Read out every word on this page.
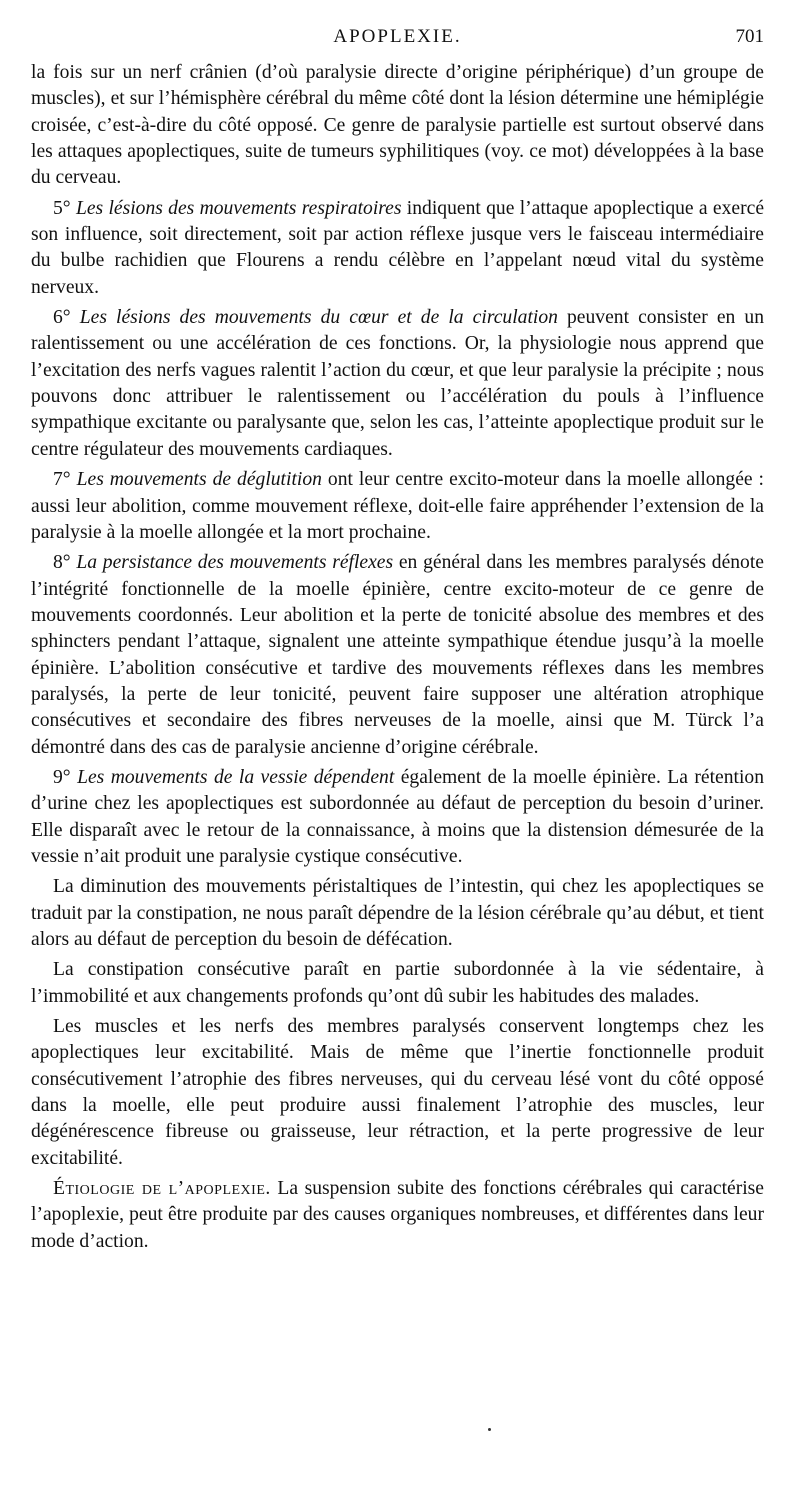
APOPLEXIE.	701

la fois sur un nerf crânien (d’où paralysie directe d’origine périphérique) d’un groupe de muscles), et sur l’hémisphère cérébral du même côté dont la lésion détermine une hémiplégie croisée, c’est-à-dire du côté opposé. Ce genre de paralysie partielle est surtout observé dans les attaques apoplectiques, suite de tumeurs syphilitiques (voy. ce mot) développées à la base du cerveau.

5° Les lésions des mouvements respiratoires indiquent que l’attaque apoplectique a exercé son influence, soit directement, soit par action réflexe jusque vers le faisceau intermédiaire du bulbe rachidien que Flourens a rendu célèbre en l’appelant nœud vital du système nerveux.

6° Les lésions des mouvements du cœur et de la circulation peuvent consister en un ralentissement ou une accélération de ces fonctions. Or, la physiologie nous apprend que l’excitation des nerfs vagues ralentit l’action du cœur, et que leur paralysie la précipite ; nous pouvons donc attribuer le ralentissement ou l’accélération du pouls à l’influence sympathique excitante ou paralysante que, selon les cas, l’atteinte apoplectique produit sur le centre régulateur des mouvements cardiaques.

7° Les mouvements de déglutition ont leur centre excito-moteur dans la moelle allongée : aussi leur abolition, comme mouvement réflexe, doit-elle faire appréhender l’extension de la paralysie à la moelle allongée et la mort prochaine.

8° La persistance des mouvements réflexes en général dans les membres paralysés dénote l’intégrité fonctionnelle de la moelle épinière, centre excito-moteur de ce genre de mouvements coordonnés. Leur abolition et la perte de tonicité absolue des membres et des sphincters pendant l’attaque, signalent une atteinte sympathique étendue jusqu’à la moelle épinière. L’abolition consécutive et tardive des mouvements réflexes dans les membres paralysés, la perte de leur tonicité, peuvent faire supposer une altération atrophique consécutives et secondaire des fibres nerveuses de la moelle, ainsi que M. Türck l’a démontré dans des cas de paralysie ancienne d’origine cérébrale.

9° Les mouvements de la vessie dépendent également de la moelle épinière. La rétention d’urine chez les apoplectiques est subordonnée au défaut de perception du besoin d’uriner. Elle disparaît avec le retour de la connaissance, à moins que la distension démesurée de la vessie n’ait produit une paralysie cystique consécutive.

La diminution des mouvements péristaltiques de l’intestin, qui chez les apoplectiques se traduit par la constipation, ne nous paraît dépendre de la lésion cérébrale qu’au début, et tient alors au défaut de perception du besoin de défécation.

La constipation consécutive paraît en partie subordonnée à la vie sédentaire, à l’immobilité et aux changements profonds qu’ont dû subir les habitudes des malades.

Les muscles et les nerfs des membres paralysés conservent longtemps chez les apoplectiques leur excitabilité. Mais de même que l’inertie fonctionnelle produit consécutivement l’atrophie des fibres nerveuses, qui du cerveau lésé vont du côté opposé dans la moelle, elle peut produire aussi finalement l’atrophie des muscles, leur dégénérescence fibreuse ou graisseuse, leur rétraction, et la perte progressive de leur excitabilité.

Étiologie de l’apoplexie. La suspension subite des fonctions cérébrales qui caractérise l’apoplexie, peut être produite par des causes organiques nombreuses, et différentes dans leur mode d’action.
